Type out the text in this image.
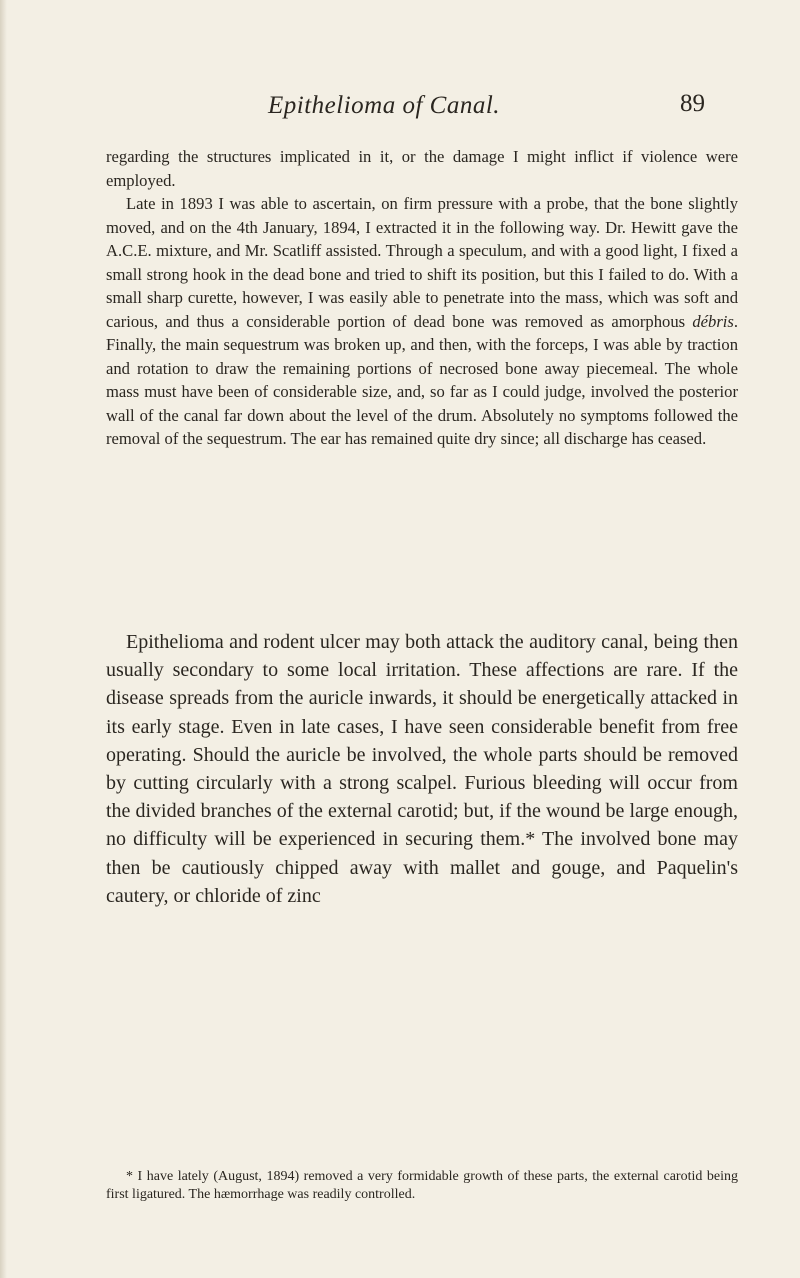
Epithelioma of Canal.	89

regarding the structures implicated in it, or the damage I might inflict if violence were employed.

Late in 1893 I was able to ascertain, on firm pressure with a probe, that the bone slightly moved, and on the 4th January, 1894, I extracted it in the following way. Dr. Hewitt gave the A.C.E. mixture, and Mr. Scatliff assisted. Through a speculum, and with a good light, I fixed a small strong hook in the dead bone and tried to shift its position, but this I failed to do. With a small sharp curette, however, I was easily able to penetrate into the mass, which was soft and carious, and thus a considerable portion of dead bone was removed as amorphous débris. Finally, the main sequestrum was broken up, and then, with the forceps, I was able by traction and rotation to draw the remaining portions of necrosed bone away piecemeal. The whole mass must have been of considerable size, and, so far as I could judge, involved the posterior wall of the canal far down about the level of the drum. Absolutely no symptoms followed the removal of the sequestrum. The ear has remained quite dry since; all discharge has ceased.

Epithelioma and rodent ulcer may both attack the auditory canal, being then usually secondary to some local irritation. These affections are rare. If the disease spreads from the auricle inwards, it should be energetically attacked in its early stage. Even in late cases, I have seen considerable benefit from free operating. Should the auricle be involved, the whole parts should be removed by cutting circularly with a strong scalpel. Furious bleeding will occur from the divided branches of the external carotid; but, if the wound be large enough, no difficulty will be experienced in securing them.* The involved bone may then be cautiously chipped away with mallet and gouge, and Paquelin's cautery, or chloride of zinc
* I have lately (August, 1894) removed a very formidable growth of these parts, the external carotid being first ligatured. The hæmorrhage was readily controlled.
